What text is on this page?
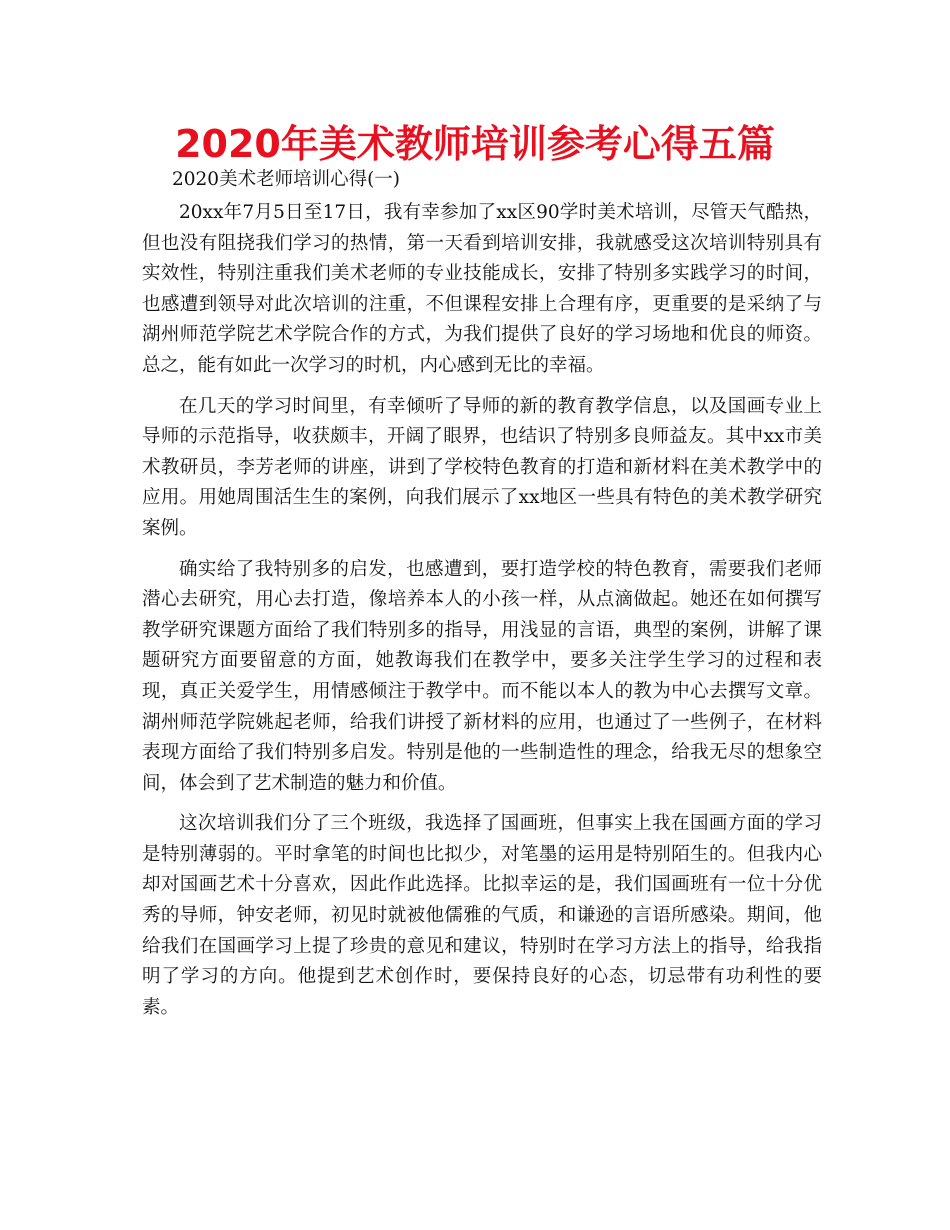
2020年美术教师培训参考心得五篇

2020美术老师培训心得(一)

20xx年7月5日至17日，我有幸参加了xx区90学时美术培训，尽管天气酷热，但也没有阻挠我们学习的热情，第一天看到培训安排，我就感受这次培训特别具有实效性，特别注重我们美术老师的专业技能成长，安排了特别多实践学习的时间，也感遭到领导对此次培训的注重，不但课程安排上合理有序，更重要的是采纳了与湖州师范学院艺术学院合作的方式，为我们提供了良好的学习场地和优良的师资。总之，能有如此一次学习的时机，内心感到无比的幸福。

在几天的学习时间里，有幸倾听了导师的新的教育教学信息，以及国画专业上导师的示范指导，收获颇丰，开阔了眼界，也结识了特别多良师益友。其中xx市美术教研员，李芳老师的讲座，讲到了学校特色教育的打造和新材料在美术教学中的应用。用她周围活生生的案例，向我们展示了xx地区一些具有特色的美术教学研究案例。

确实给了我特别多的启发，也感遭到，要打造学校的特色教育，需要我们老师潜心去研究，用心去打造，像培养本人的小孩一样，从点滴做起。她还在如何撰写教学研究课题方面给了我们特别多的指导，用浅显的言语，典型的案例，讲解了课题研究方面要留意的方面，她教诲我们在教学中，要多关注学生学习的过程和表现，真正关爱学生，用情感倾注于教学中。而不能以本人的教为中心去撰写文章。湖州师范学院姚起老师，给我们讲授了新材料的应用，也通过了一些例子，在材料表现方面给了我们特别多启发。特别是他的一些制造性的理念，给我无尽的想象空间，体会到了艺术制造的魅力和价值。

这次培训我们分了三个班级，我选择了国画班，但事实上我在国画方面的学习是特别薄弱的。平时拿笔的时间也比拟少，对笔墨的运用是特别陌生的。但我内心却对国画艺术十分喜欢，因此作此选择。比拟幸运的是，我们国画班有一位十分优秀的导师，钟安老师，初见时就被他儒雅的气质，和谦逊的言语所感染。期间，他给我们在国画学习上提了珍贵的意见和建议，特别时在学习方法上的指导，给我指明了学习的方向。他提到艺术创作时，要保持良好的心态，切忌带有功利性的要素。
